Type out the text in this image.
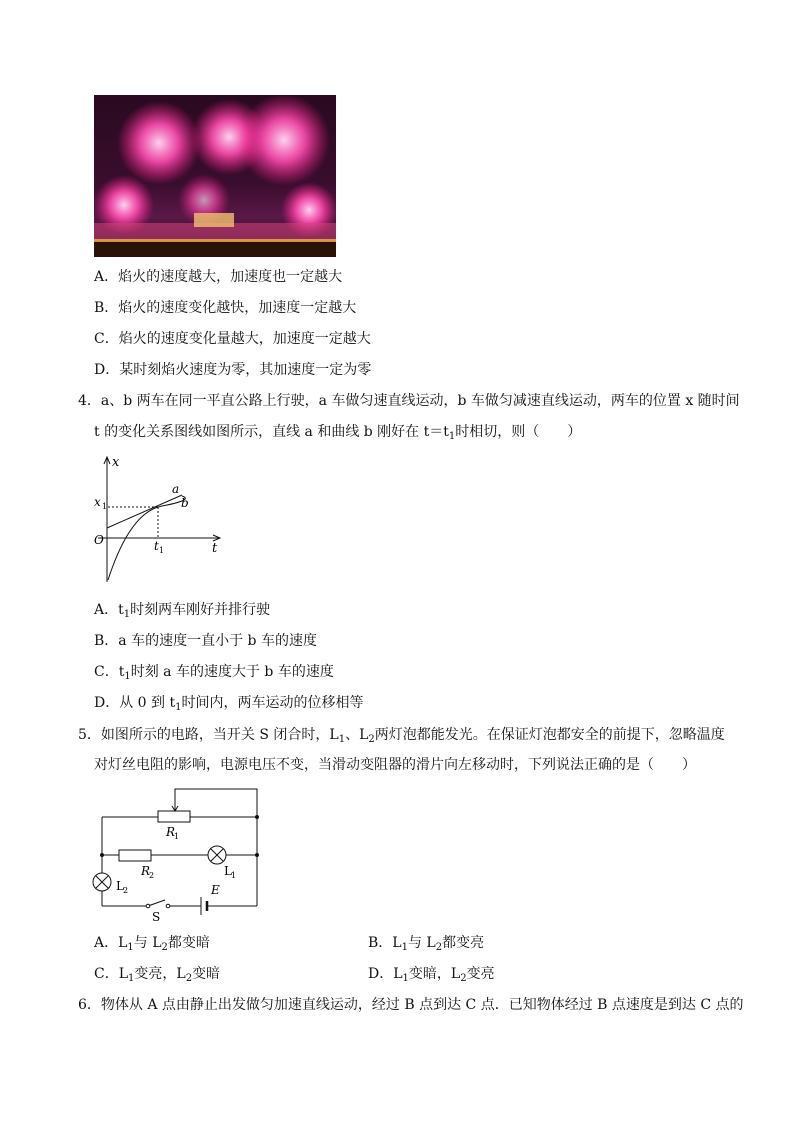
A．焰火的速度越大，加速度也一定越大
B．焰火的速度变化越快，加速度一定越大
C．焰火的速度变化量越大，加速度一定越大
D．某时刻焰火速度为零，其加速度一定为零
4．a、b 两车在同一平直公路上行驶，a 车做匀速直线运动，b 车做匀减速直线运动，两车的位置 x 随时间
t 的变化关系图线如图所示，直线 a 和曲线 b 刚好在 $t=t_1$时相切，则（　　）
x
x 1
O	t 1	t
a
b
A．$t_1$时刻两车刚好并排行驶
B．a 车的速度一直小于 b 车的速度
C．$t_1$时刻 a 车的速度大于 b 车的速度
D．从 0 到 $t_1$时间内，两车运动的位移相等
5．如图所示的电路，当开关 S 闭合时，$L_1$、$L_2$两灯泡都能发光。在保证灯泡都安全的前提下，忽略温度
对灯丝电阻的影响，电源电压不变，当滑动变阻器的滑片向左移动时，下列说法正确的是（　　）
R
1
R
2	L 1
L 2
S
E
A．$L_1$与 $L_2$都变暗	B．$L_1$与 $L_2$都变亮
C．$L_1$变亮，$L_2$变暗	D．$L_1$变暗，$L_2$变亮
6．物体从 A 点由静止出发做匀加速直线运动，经过 B 点到达 C 点．已知物体经过 B 点速度是到达 C 点的
